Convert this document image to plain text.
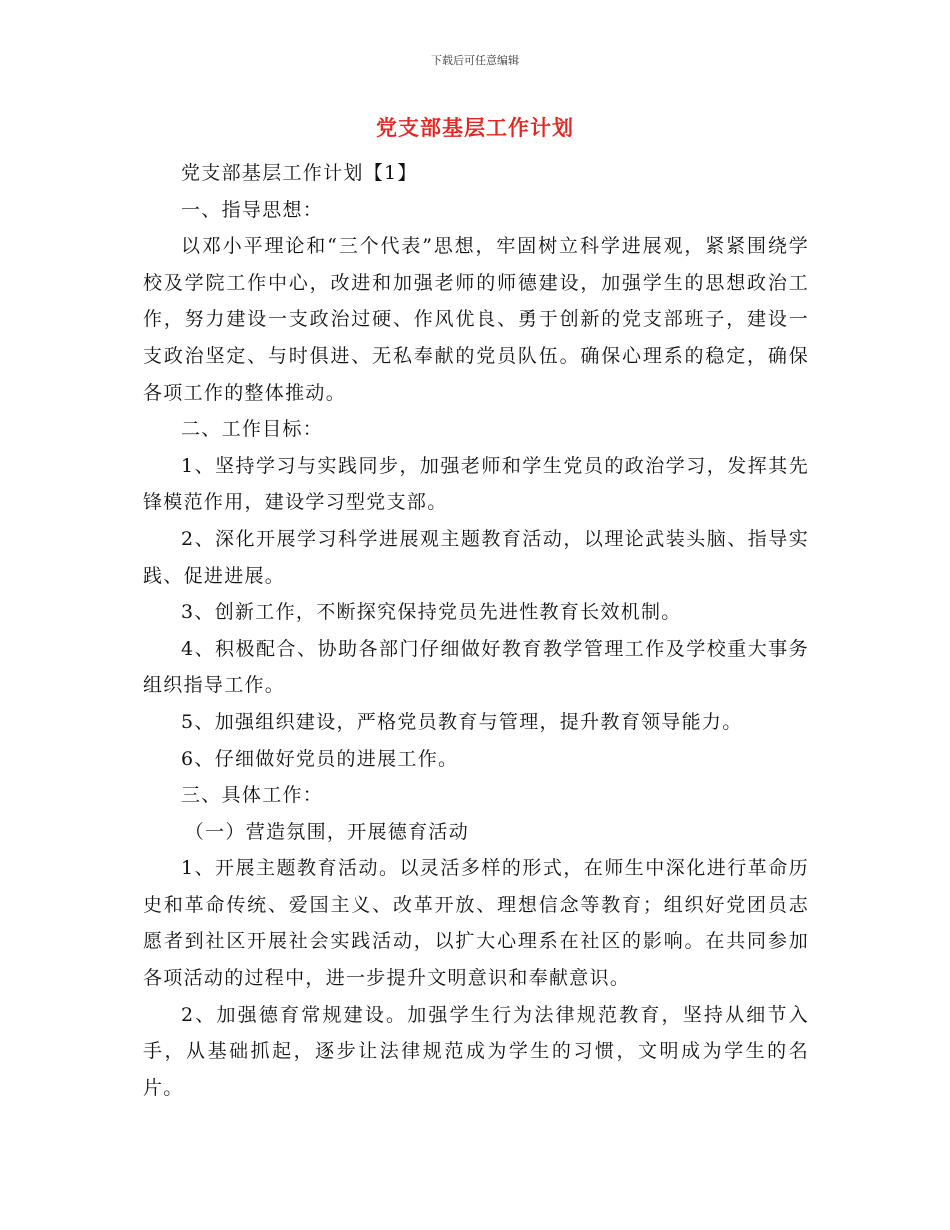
下载后可任意编辑
党支部基层工作计划

党支部基层工作计划【1】

一、指导思想：

以邓小平理论和“三个代表”思想，牢固树立科学进展观，紧紧围绕学校及学院工作中心，改进和加强老师的师德建设，加强学生的思想政治工作，努力建设一支政治过硬、作风优良、勇于创新的党支部班子，建设一支政治坚定、与时俱进、无私奉献的党员队伍。确保心理系的稳定，确保各项工作的整体推动。

二、工作目标：

1、坚持学习与实践同步，加强老师和学生党员的政治学习，发挥其先锋模范作用，建设学习型党支部。

2、深化开展学习科学进展观主题教育活动，以理论武装头脑、指导实践、促进进展。

3、创新工作，不断探究保持党员先进性教育长效机制。

4、积极配合、协助各部门仔细做好教育教学管理工作及学校重大事务组织指导工作。

5、加强组织建设，严格党员教育与管理，提升教育领导能力。

6、仔细做好党员的进展工作。

三、具体工作：

（一）营造氛围，开展德育活动

1、开展主题教育活动。以灵活多样的形式，在师生中深化进行革命历史和革命传统、爱国主义、改革开放、理想信念等教育；组织好党团员志愿者到社区开展社会实践活动，以扩大心理系在社区的影响。在共同参加各项活动的过程中，进一步提升文明意识和奉献意识。

2、加强德育常规建设。加强学生行为法律规范教育，坚持从细节入手，从基础抓起，逐步让法律规范成为学生的习惯，文明成为学生的名片。
